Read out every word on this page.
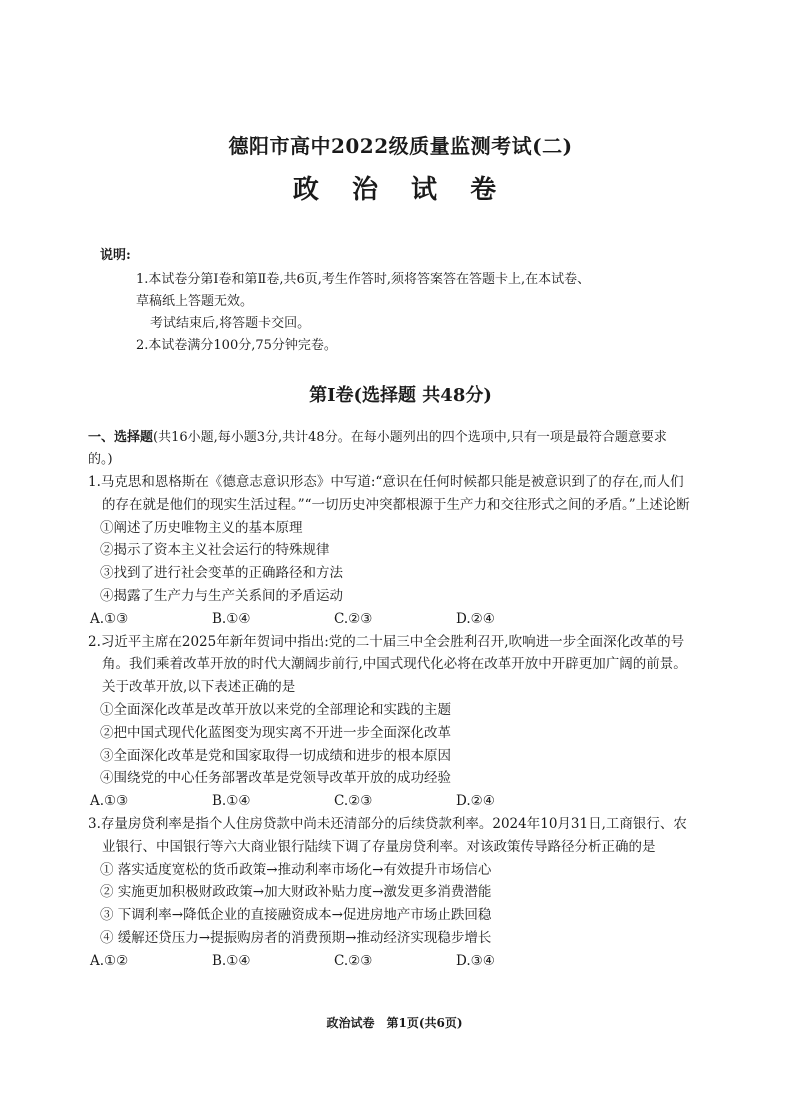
德阳市高中2022级质量监测考试(二)
政 治 试 卷
说明:
1.本试卷分第Ⅰ卷和第Ⅱ卷,共6页,考生作答时,须将答案答在答题卡上,在本试卷、
草稿纸上答题无效。
考试结束后,将答题卡交回。
2.本试卷满分100分,75分钟完卷。
第Ⅰ卷(选择题 共48分)
一、选择题(共16小题,每小题3分,共计48分。在每小题列出的四个选项中,只有一项是最符合题意要求的。)
1.马克思和恩格斯在《德意志意识形态》中写道:“意识在任何时候都只能是被意识到了的存在,而人们的存在就是他们的现实生活过程。”“一切历史冲突都根源于生产力和交往形式之间的矛盾。”上述论断
①阐述了历史唯物主义的基本原理
②揭示了资本主义社会运行的特殊规律
③找到了进行社会变革的正确路径和方法
④揭露了生产力与生产关系间的矛盾运动
A.①③	B.①④	C.②③	D.②④
2.习近平主席在2025年新年贺词中指出:党的二十届三中全会胜利召开,吹响进一步全面深化改革的号角。我们乘着改革开放的时代大潮阔步前行,中国式现代化必将在改革开放中开辟更加广阔的前景。关于改革开放,以下表述正确的是
①全面深化改革是改革开放以来党的全部理论和实践的主题
②把中国式现代化蓝图变为现实离不开进一步全面深化改革
③全面深化改革是党和国家取得一切成绩和进步的根本原因
④围绕党的中心任务部署改革是党领导改革开放的成功经验
A.①③	B.①④	C.②③	D.②④
3.存量房贷利率是指个人住房贷款中尚未还清部分的后续贷款利率。2024年10月31日,工商银行、农业银行、中国银行等六大商业银行陆续下调了存量房贷利率。对该政策传导路径分析正确的是
① 落实适度宽松的货币政策→推动利率市场化→有效提升市场信心
② 实施更加积极财政政策→加大财政补贴力度→激发更多消费潜能
③ 下调利率→降低企业的直接融资成本→促进房地产市场止跌回稳
④ 缓解还贷压力→提振购房者的消费预期→推动经济实现稳步增长
A.①②	B.①④	C.②③	D.③④
政治试卷　第1页(共6页)
